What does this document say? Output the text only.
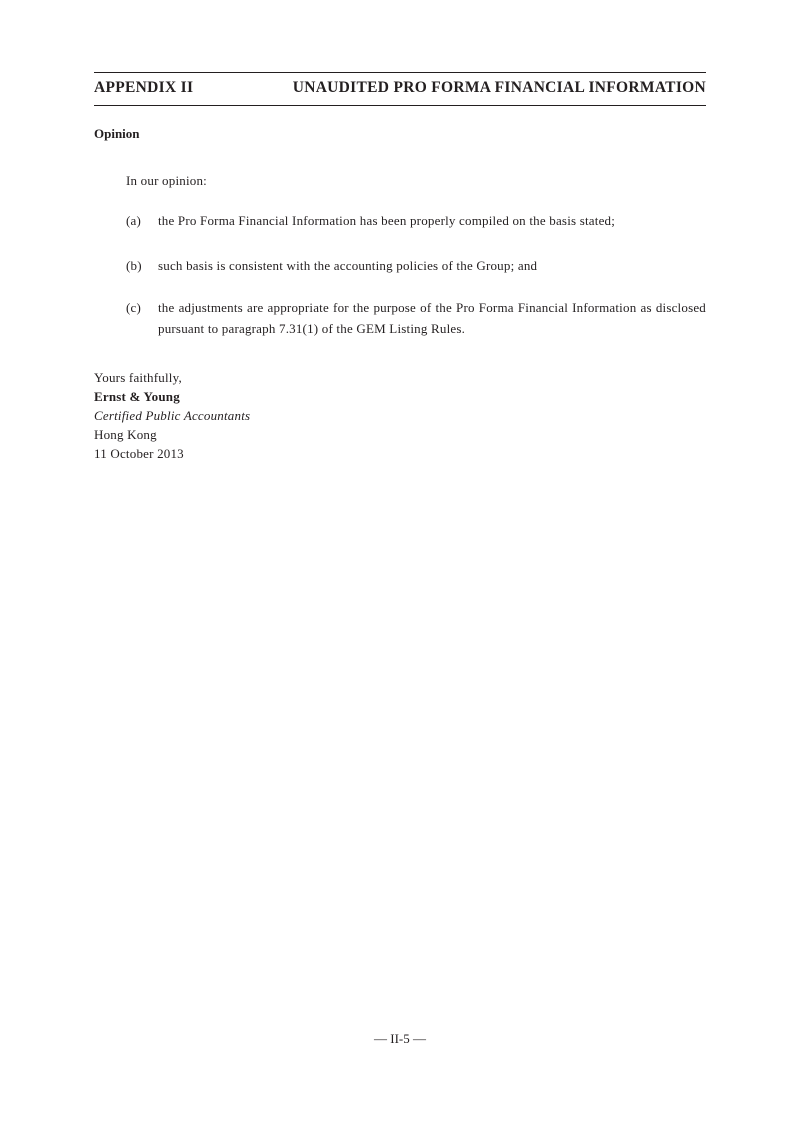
APPENDIX II	UNAUDITED PRO FORMA FINANCIAL INFORMATION
Opinion
In our opinion:
(a)	the Pro Forma Financial Information has been properly compiled on the basis stated;
(b)	such basis is consistent with the accounting policies of the Group; and
(c)	the adjustments are appropriate for the purpose of the Pro Forma Financial Information as disclosed pursuant to paragraph 7.31(1) of the GEM Listing Rules.
Yours faithfully,
Ernst & Young
Certified Public Accountants
Hong Kong
11 October 2013
— II-5 —
